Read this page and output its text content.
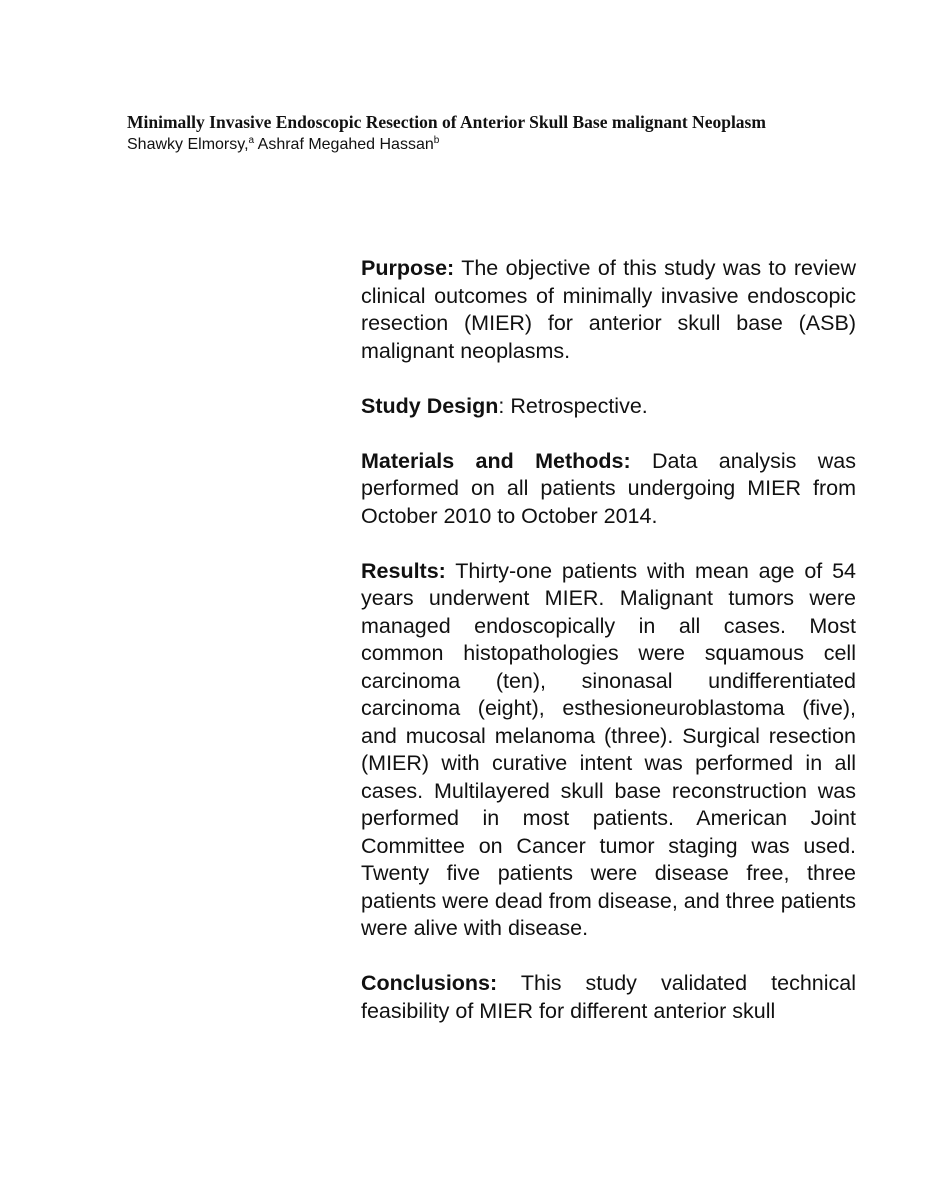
Minimally Invasive Endoscopic Resection of Anterior Skull Base malignant Neoplasm

Shawky Elmorsy,$^a$ Ashraf Megahed Hassan$^b$

Purpose: The objective of this study was to review clinical outcomes of minimally invasive endoscopic resection (MIER) for anterior skull base (ASB) malignant neoplasms.

Study Design: Retrospective.

Materials and Methods: Data analysis was performed on all patients undergoing MIER from October 2010 to October 2014.

Results: Thirty-one patients with mean age of 54 years underwent MIER. Malignant tumors were managed endoscopically in all cases. Most common histopathologies were squamous cell carcinoma (ten), sinonasal undifferentiated carcinoma (eight), esthesioneuroblastoma (five), and mucosal melanoma (three). Surgical resection (MIER) with curative intent was performed in all cases. Multilayered skull base reconstruction was performed in most patients. American Joint Committee on Cancer tumor staging was used. Twenty five patients were disease free, three patients were dead from disease, and three patients were alive with disease.

Conclusions: This study validated technical feasibility of MIER for different anterior skull
